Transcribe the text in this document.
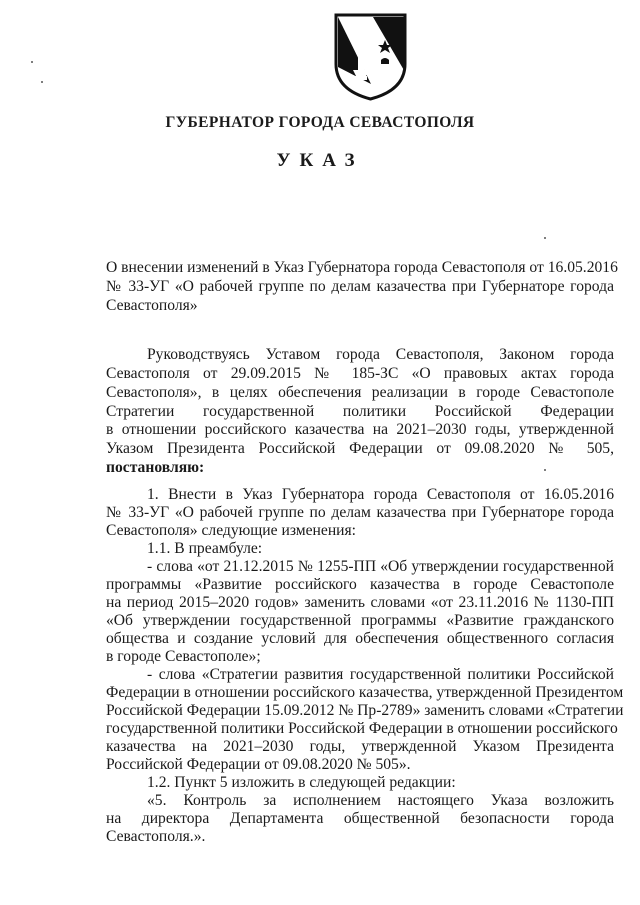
ГУБЕРНАТОР ГОРОДА СЕВАСТОПОЛЯ
УКАЗ
О внесении изменений в Указ Губернатора города Севастополя от 16.05.2016
№ 33-УГ «О рабочей группе по делам казачества при Губернаторе города
Севастополя»
Руководствуясь Уставом города Севастополя, Законом города
Севастополя от 29.09.2015 № 185-ЗС «О правовых актах города
Севастополя», в целях обеспечения реализации в городе Севастополе
Стратегии государственной политики Российской Федерации
в отношении российского казачества на 2021–2030 годы, утвержденной
Указом Президента Российской Федерации от 09.08.2020 № 505,
постановляю:
1. Внести в Указ Губернатора города Севастополя от 16.05.2016
№ 33-УГ «О рабочей группе по делам казачества при Губернаторе города
Севастополя» следующие изменения:
1.1. В преамбуле:
- слова «от 21.12.2015 № 1255-ПП «Об утверждении государственной
программы «Развитие российского казачества в городе Севастополе
на период 2015–2020 годов» заменить словами «от 23.11.2016 № 1130-ПП
«Об утверждении государственной программы «Развитие гражданского
общества и создание условий для обеспечения общественного согласия
в городе Севастополе»;
- слова «Стратегии развития государственной политики Российской
Федерации в отношении российского казачества, утвержденной Президентом
Российской Федерации 15.09.2012 № Пр-2789» заменить словами «Стратегии
государственной политики Российской Федерации в отношении российского
казачества на 2021–2030 годы, утвержденной Указом Президента
Российской Федерации от 09.08.2020 № 505».
1.2. Пункт 5 изложить в следующей редакции:
«5. Контроль за исполнением настоящего Указа возложить
на директора Департамента общественной безопасности города
Севастополя.».
